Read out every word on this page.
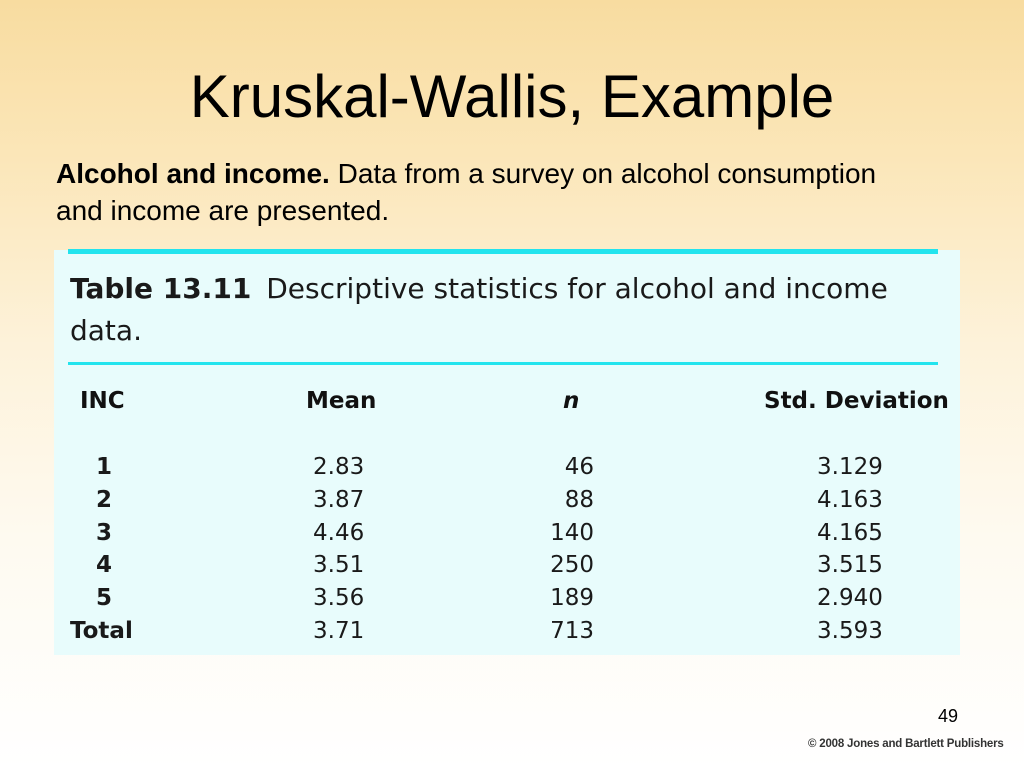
Kruskal-Wallis, Example
Alcohol and income. Data from a survey on alcohol consumption and income are presented.
Table 13.11 Descriptive statistics for alcohol and income data.
INC	Mean	n	Std. Deviation
1	2.83	46	3.129
2	3.87	88	4.163
3	4.46	140	4.165
4	3.51	250	3.515
5	3.56	189	2.940
Total	3.71	713	3.593
49
© 2008 Jones and Bartlett Publishers
